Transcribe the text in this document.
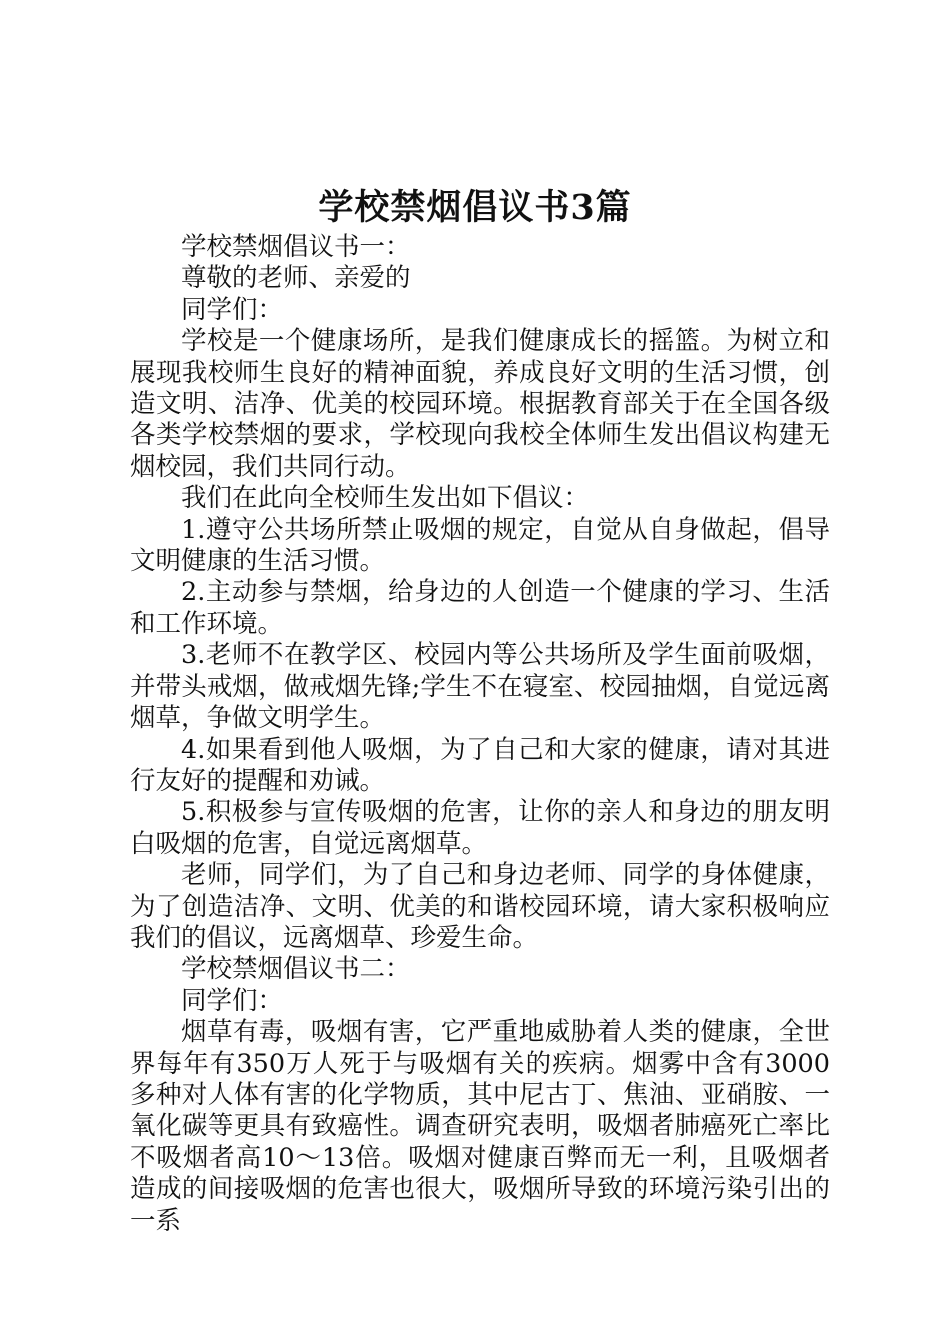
学校禁烟倡议书3篇

学校禁烟倡议书一：

尊敬的老师、亲爱的

同学们：

学校是一个健康场所，是我们健康成长的摇篮。为树立和展现我校师生良好的精神面貌，养成良好文明的生活习惯，创造文明、洁净、优美的校园环境。根据教育部关于在全国各级各类学校禁烟的要求，学校现向我校全体师生发出倡议构建无烟校园，我们共同行动。

我们在此向全校师生发出如下倡议：

1.遵守公共场所禁止吸烟的规定，自觉从自身做起，倡导文明健康的生活习惯。

2.主动参与禁烟，给身边的人创造一个健康的学习、生活和工作环境。

3.老师不在教学区、校园内等公共场所及学生面前吸烟，并带头戒烟，做戒烟先锋;学生不在寝室、校园抽烟，自觉远离烟草，争做文明学生。

4.如果看到他人吸烟，为了自己和大家的健康，请对其进行友好的提醒和劝诫。

5.积极参与宣传吸烟的危害，让你的亲人和身边的朋友明白吸烟的危害，自觉远离烟草。

老师，同学们，为了自己和身边老师、同学的身体健康，为了创造洁净、文明、优美的和谐校园环境，请大家积极响应我们的倡议，远离烟草、珍爱生命。

学校禁烟倡议书二：

同学们：

烟草有毒，吸烟有害，它严重地威胁着人类的健康，全世界每年有350万人死于与吸烟有关的疾病。烟雾中含有3000多种对人体有害的化学物质，其中尼古丁、焦油、亚硝胺、一氧化碳等更具有致癌性。调查研究表明，吸烟者肺癌死亡率比不吸烟者高10～13倍。吸烟对健康百弊而无一利，且吸烟者造成的间接吸烟的危害也很大，吸烟所导致的环境污染引出的一系
